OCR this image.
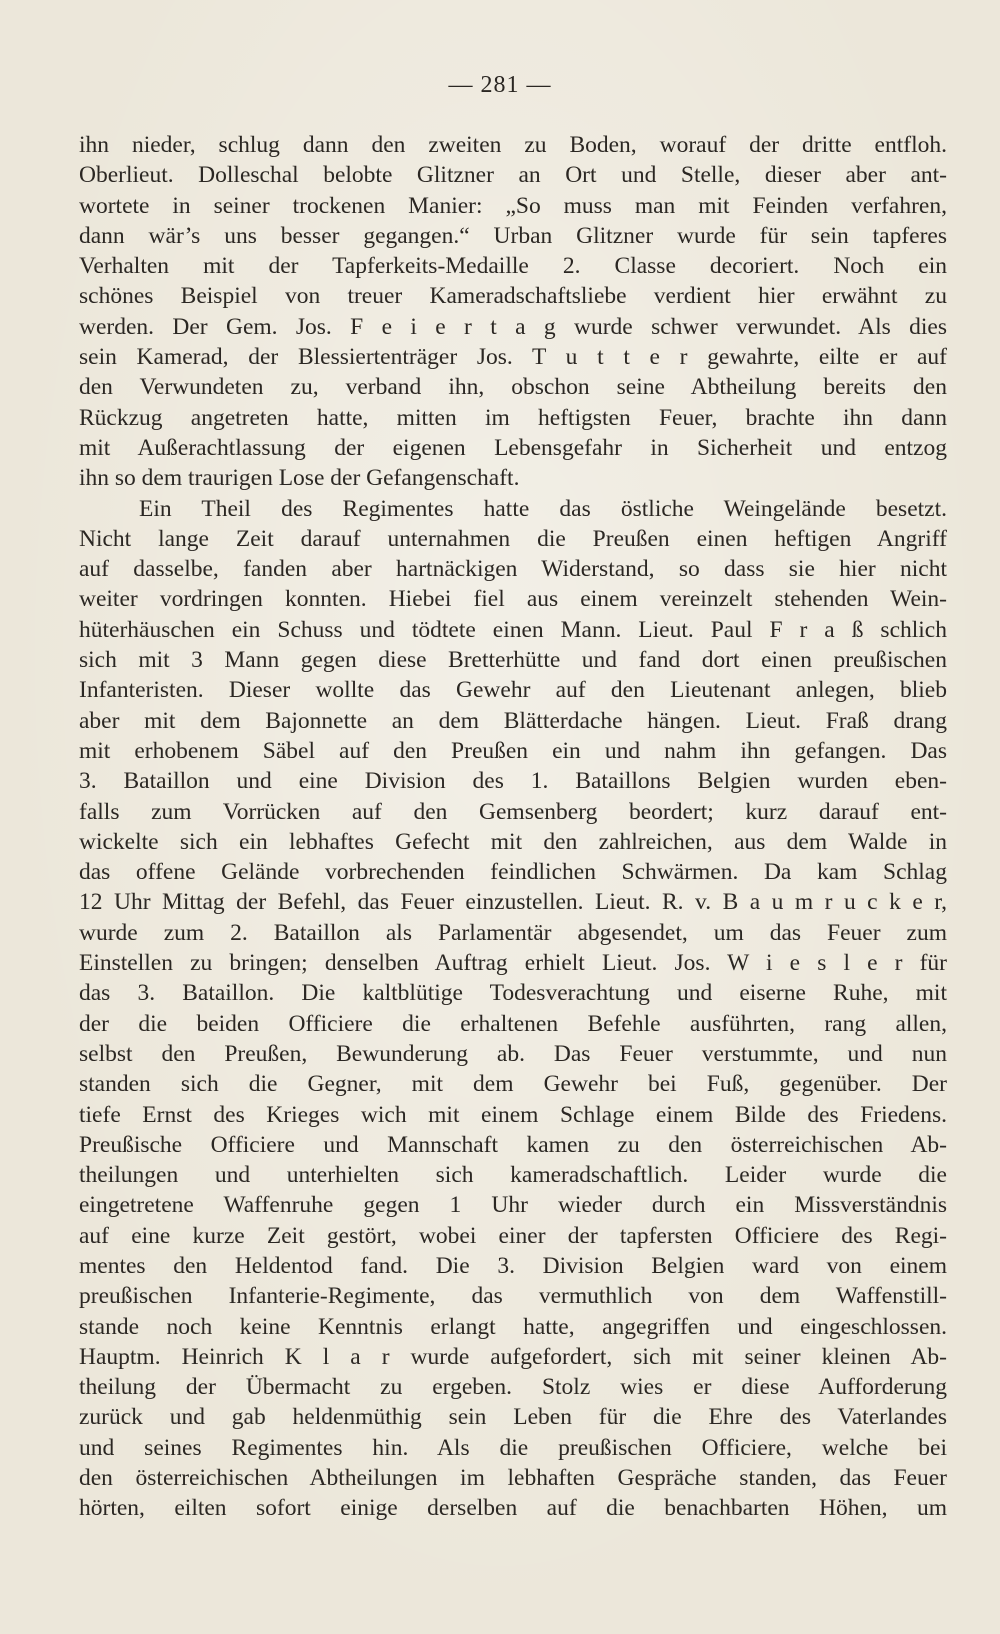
— 281 —
ihn nieder, schlug dann den zweiten zu Boden, worauf der dritte entfloh.
Oberlieut. Dolleschal belobte Glitzner an Ort und Stelle, dieser aber ant-
wortete in seiner trockenen Manier: „So muss man mit Feinden verfahren,
dann wär’s uns besser gegangen.“ Urban Glitzner wurde für sein tapferes
Verhalten mit der Tapferkeits-Medaille 2. Classe decoriert. Noch ein
schönes Beispiel von treuer Kameradschaftsliebe verdient hier erwähnt zu
werden. Der Gem. Jos. F e i e r t a g wurde schwer verwundet. Als dies
sein Kamerad, der Blessiertenträger Jos. T u t t e r gewahrte, eilte er auf
den Verwundeten zu, verband ihn, obschon seine Abtheilung bereits den
Rückzug angetreten hatte, mitten im heftigsten Feuer, brachte ihn dann
mit Außerachtlassung der eigenen Lebensgefahr in Sicherheit und entzog
ihn so dem traurigen Lose der Gefangenschaft.
Ein Theil des Regimentes hatte das östliche Weingelände besetzt.
Nicht lange Zeit darauf unternahmen die Preußen einen heftigen Angriff
auf dasselbe, fanden aber hartnäckigen Widerstand, so dass sie hier nicht
weiter vordringen konnten. Hiebei fiel aus einem vereinzelt stehenden Wein-
hüterhäuschen ein Schuss und tödtete einen Mann. Lieut. Paul F r a ß schlich
sich mit 3 Mann gegen diese Bretterhütte und fand dort einen preußischen
Infanteristen. Dieser wollte das Gewehr auf den Lieutenant anlegen, blieb
aber mit dem Bajonnette an dem Blätterdache hängen. Lieut. Fraß drang
mit erhobenem Säbel auf den Preußen ein und nahm ihn gefangen. Das
3. Bataillon und eine Division des 1. Bataillons Belgien wurden eben-
falls zum Vorrücken auf den Gemsenberg beordert; kurz darauf ent-
wickelte sich ein lebhaftes Gefecht mit den zahlreichen, aus dem Walde in
das offene Gelände vorbrechenden feindlichen Schwärmen. Da kam Schlag
12 Uhr Mittag der Befehl, das Feuer einzustellen. Lieut. R. v. B a u m r u c k e r,
wurde zum 2. Bataillon als Parlamentär abgesendet, um das Feuer zum
Einstellen zu bringen; denselben Auftrag erhielt Lieut. Jos. W i e s l e r für
das 3. Bataillon. Die kaltblütige Todesverachtung und eiserne Ruhe, mit
der die beiden Officiere die erhaltenen Befehle ausführten, rang allen,
selbst den Preußen, Bewunderung ab. Das Feuer verstummte, und nun
standen sich die Gegner, mit dem Gewehr bei Fuß, gegenüber. Der
tiefe Ernst des Krieges wich mit einem Schlage einem Bilde des Friedens.
Preußische Officiere und Mannschaft kamen zu den österreichischen Ab-
theilungen und unterhielten sich kameradschaftlich. Leider wurde die
eingetretene Waffenruhe gegen 1 Uhr wieder durch ein Missverständnis
auf eine kurze Zeit gestört, wobei einer der tapfersten Officiere des Regi-
mentes den Heldentod fand. Die 3. Division Belgien ward von einem
preußischen Infanterie-Regimente, das vermuthlich von dem Waffenstill-
stande noch keine Kenntnis erlangt hatte, angegriffen und eingeschlossen.
Hauptm. Heinrich K l a r wurde aufgefordert, sich mit seiner kleinen Ab-
theilung der Übermacht zu ergeben. Stolz wies er diese Aufforderung
zurück und gab heldenmüthig sein Leben für die Ehre des Vaterlandes
und seines Regimentes hin. Als die preußischen Officiere, welche bei
den österreichischen Abtheilungen im lebhaften Gespräche standen, das Feuer
hörten, eilten sofort einige derselben auf die benachbarten Höhen, um
